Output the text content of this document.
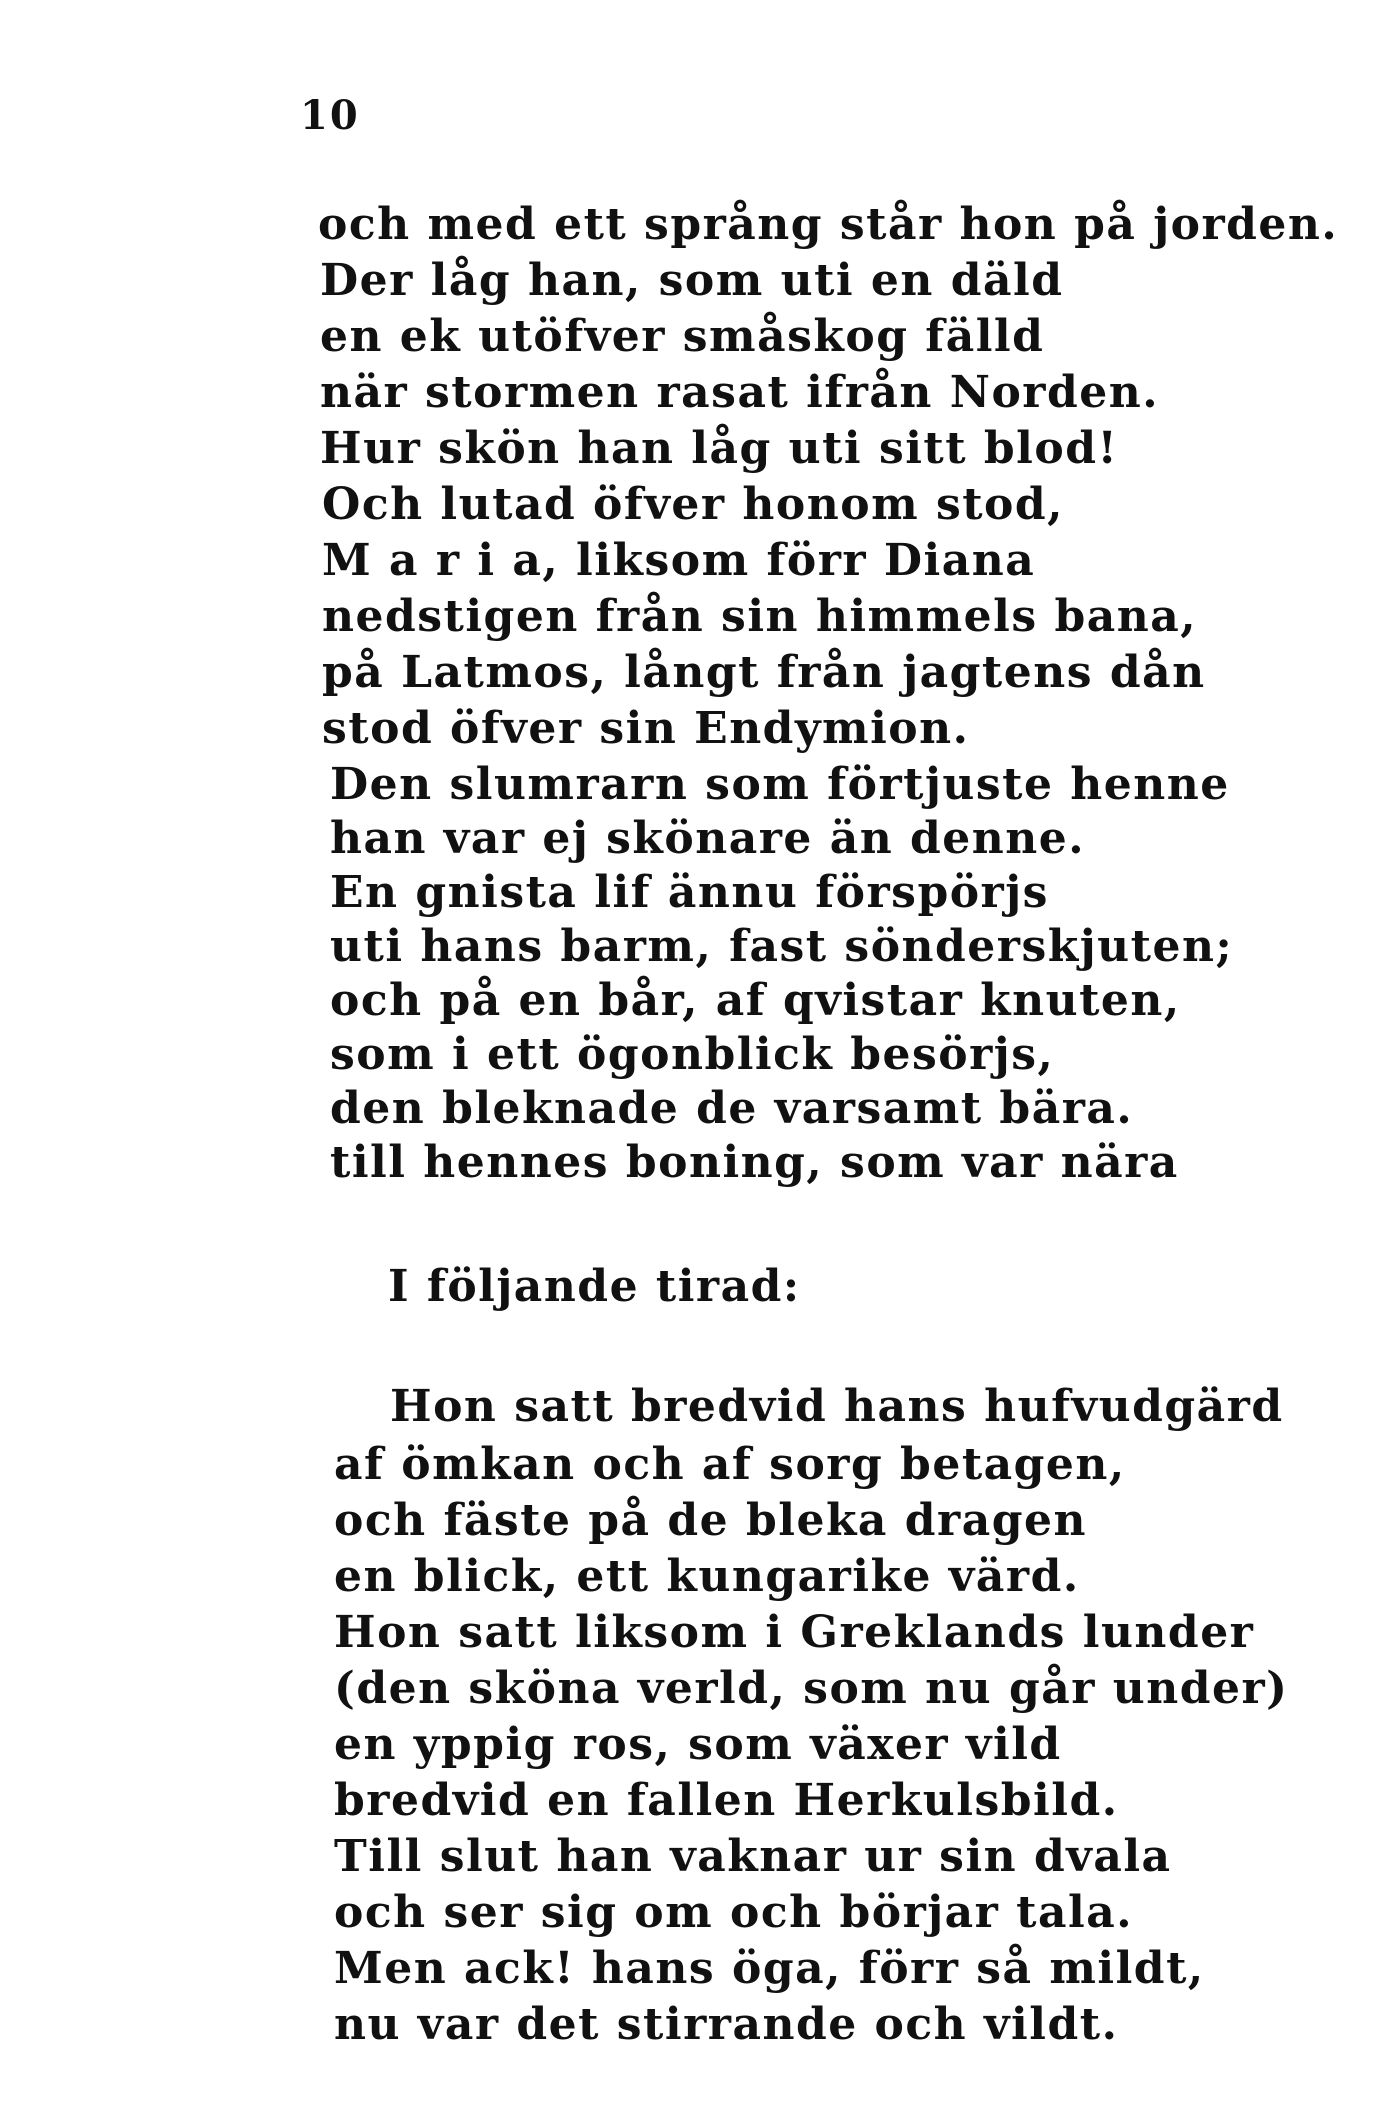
10
och med ett språng står hon på jorden.
Der låg han, som uti en däld
en ek utöfver småskog fälld
när stormen rasat ifrån Norden.
Hur skön han låg uti sitt blod!
Och lutad öfver honom stod,
M a r i a, liksom förr Diana
nedstigen från sin himmels bana,
på Latmos, långt från jagtens dån
stod öfver sin Endymion.
Den slumrarn som förtjuste henne
han var ej skönare än denne.
En gnista lif ännu förspörjs
uti hans barm, fast sönderskjuten;
och på en bår, af qvistar knuten,
som i ett ögonblick besörjs,
den bleknade de varsamt bära.
till hennes boning, som var nära
I följande tirad:
Hon satt bredvid hans hufvudgärd
af ömkan och af sorg betagen,
och fäste på de bleka dragen
en blick, ett kungarike värd.
Hon satt liksom i Greklands lunder
(den sköna verld, som nu går under)
en yppig ros, som växer vild
bredvid en fallen Herkulsbild.
Till slut han vaknar ur sin dvala
och ser sig om och börjar tala.
Men ack! hans öga, förr så mildt,
nu var det stirrande och vildt.
